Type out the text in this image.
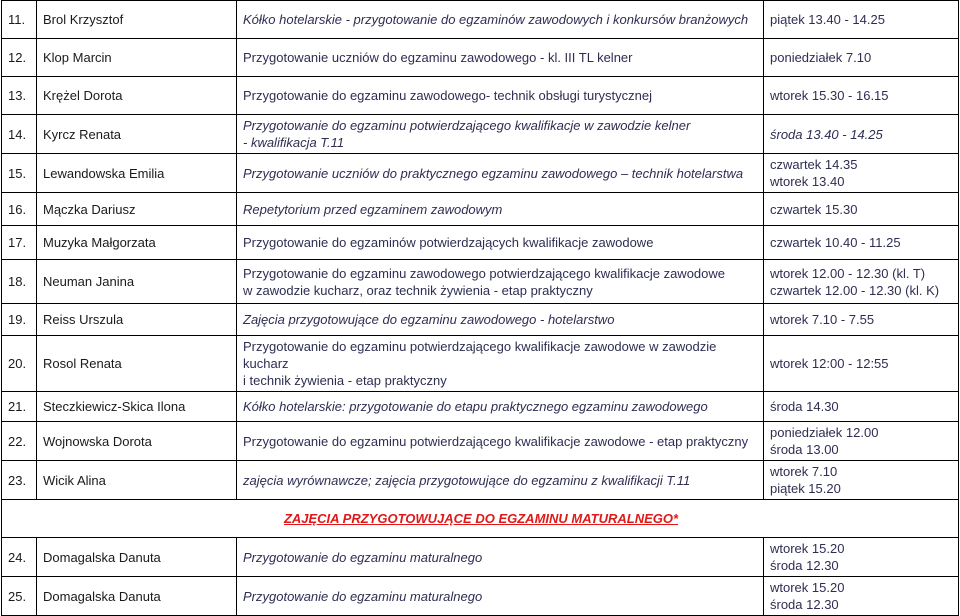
11.	Brol Krzysztof	Kółko hotelarskie - przygotowanie do egzaminów zawodowych i konkursów branżowych	piątek 13.40 - 14.25
12.	Klop Marcin	Przygotowanie uczniów do egzaminu zawodowego - kl. III TL kelner	poniedziałek 7.10
13.	Krężel Dorota	Przygotowanie do egzaminu zawodowego- technik obsługi turystycznej	wtorek 15.30 - 16.15
14.	Kyrcz Renata	Przygotowanie do egzaminu potwierdzającego kwalifikacje w zawodzie kelner
- kwalifikacja T.11	środa 13.40 - 14.25
15.	Lewandowska Emilia	Przygotowanie uczniów do praktycznego egzaminu zawodowego – technik hotelarstwa	czwartek 14.35
wtorek 13.40

16.	Mączka Dariusz	Repetytorium przed egzaminem zawodowym	czwartek 15.30
17.	Muzyka Małgorzata	Przygotowanie do egzaminów potwierdzających kwalifikacje zawodowe	czwartek 10.40 - 11.25
18.	Neuman Janina	Przygotowanie do egzaminu zawodowego potwierdzającego kwalifikacje zawodowe
w zawodzie kucharz, oraz technik żywienia - etap praktyczny	wtorek 12.00 - 12.30 (kl. T)
czwartek 12.00 - 12.30 (kl. K)

19.	Reiss Urszula	Zajęcia przygotowujące do egzaminu zawodowego - hotelarstwo	wtorek 7.10 - 7.55
20.	Rosol Renata	Przygotowanie do egzaminu potwierdzającego kwalifikacje zawodowe w zawodzie kucharz
i technik żywienia - etap praktyczny	wtorek 12:00 - 12:55
21.	Steczkiewicz-Skica Ilona	Kółko hotelarskie: przygotowanie do etapu praktycznego egzaminu zawodowego	środa 14.30
22.	Wojnowska Dorota	Przygotowanie do egzaminu potwierdzającego kwalifikacje zawodowe - etap praktyczny	poniedziałek 12.00
środa 13.00

23.	Wicik Alina	zajęcia wyrównawcze; zajęcia przygotowujące do egzaminu z kwalifikacji T.11	wtorek 7.10
piątek 15.20

ZAJĘCIA PRZYGOTOWUJĄCE DO EGZAMINU MATURALNEGO*			
24.	Domagalska Danuta	Przygotowanie do egzaminu maturalnego	wtorek 15.20
środa 12.30

25.	Domagalska Danuta	Przygotowanie do egzaminu maturalnego	wtorek 15.20
środa 12.30
